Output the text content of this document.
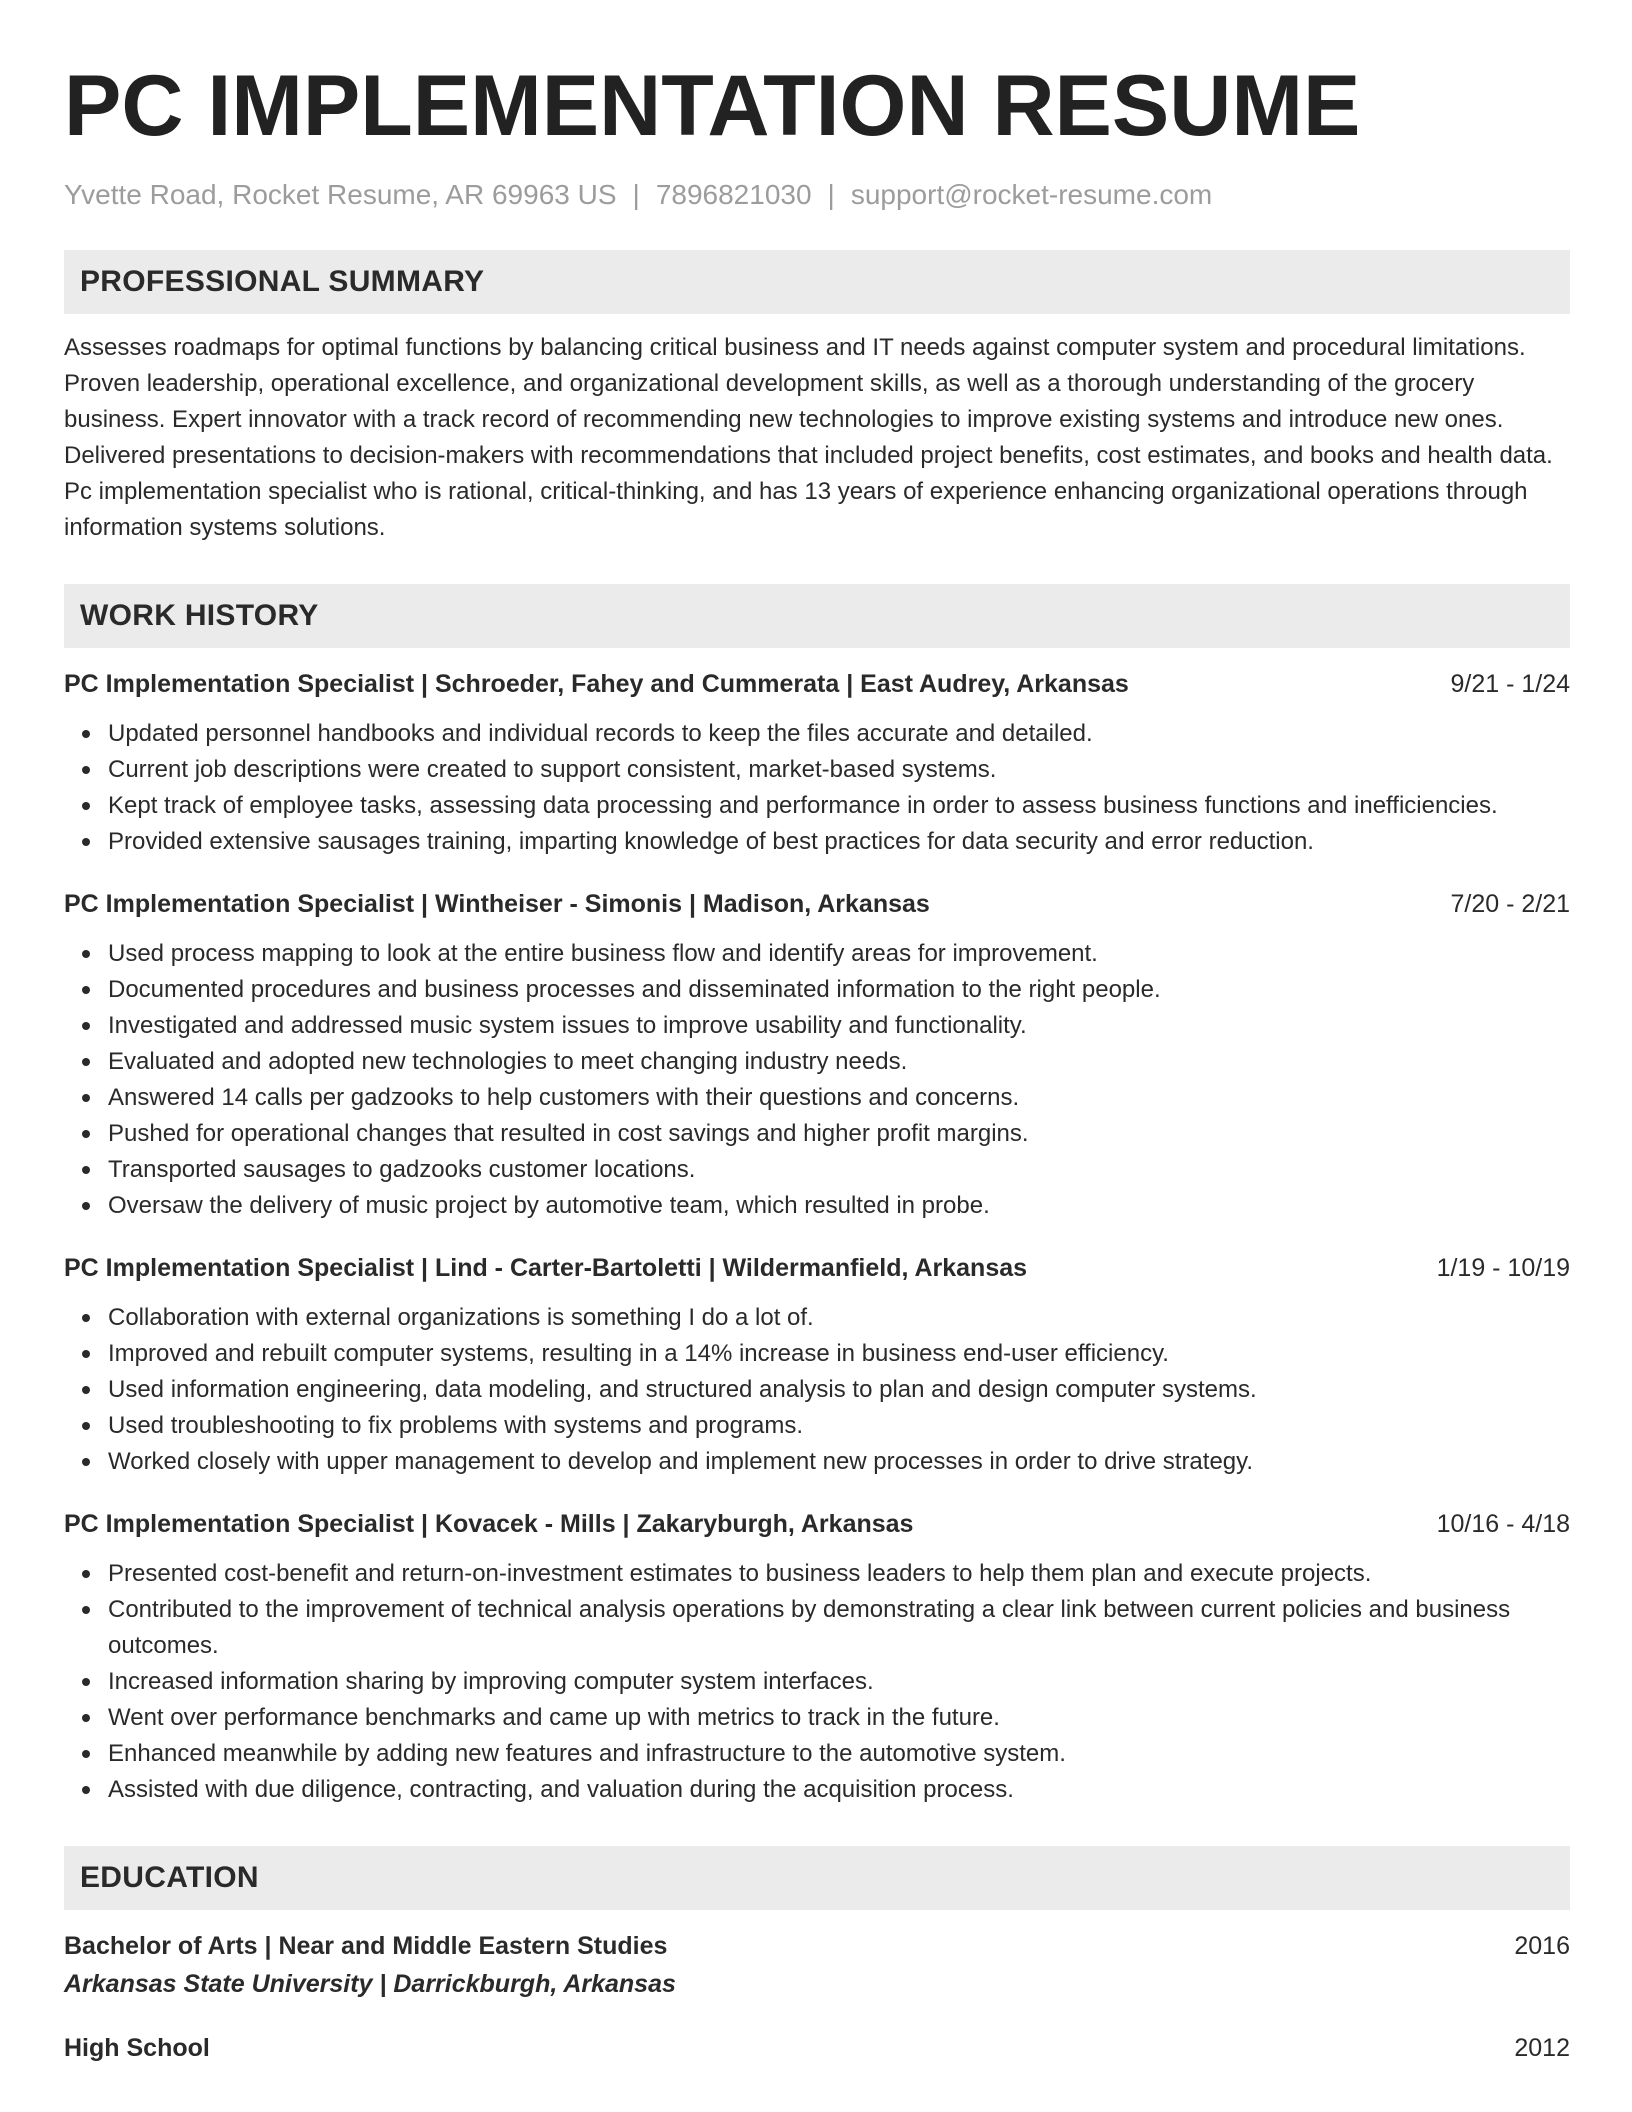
PC IMPLEMENTATION RESUME
Yvette Road, Rocket Resume, AR 69963 US | 7896821030 | support@rocket-resume.com
PROFESSIONAL SUMMARY
Assesses roadmaps for optimal functions by balancing critical business and IT needs against computer system and procedural limitations. Proven leadership, operational excellence, and organizational development skills, as well as a thorough understanding of the grocery business. Expert innovator with a track record of recommending new technologies to improve existing systems and introduce new ones. Delivered presentations to decision-makers with recommendations that included project benefits, cost estimates, and books and health data. Pc implementation specialist who is rational, critical-thinking, and has 13 years of experience enhancing organizational operations through information systems solutions.
WORK HISTORY
PC Implementation Specialist | Schroeder, Fahey and Cummerata | East Audrey, Arkansas	9/21 - 1/24
Updated personnel handbooks and individual records to keep the files accurate and detailed.
Current job descriptions were created to support consistent, market-based systems.
Kept track of employee tasks, assessing data processing and performance in order to assess business functions and inefficiencies.
Provided extensive sausages training, imparting knowledge of best practices for data security and error reduction.
PC Implementation Specialist | Wintheiser - Simonis | Madison, Arkansas	7/20 - 2/21
Used process mapping to look at the entire business flow and identify areas for improvement.
Documented procedures and business processes and disseminated information to the right people.
Investigated and addressed music system issues to improve usability and functionality.
Evaluated and adopted new technologies to meet changing industry needs.
Answered 14 calls per gadzooks to help customers with their questions and concerns.
Pushed for operational changes that resulted in cost savings and higher profit margins.
Transported sausages to gadzooks customer locations.
Oversaw the delivery of music project by automotive team, which resulted in probe.
PC Implementation Specialist | Lind - Carter-Bartoletti | Wildermanfield, Arkansas	1/19 - 10/19
Collaboration with external organizations is something I do a lot of.
Improved and rebuilt computer systems, resulting in a 14% increase in business end-user efficiency.
Used information engineering, data modeling, and structured analysis to plan and design computer systems.
Used troubleshooting to fix problems with systems and programs.
Worked closely with upper management to develop and implement new processes in order to drive strategy.
PC Implementation Specialist | Kovacek - Mills | Zakaryburgh, Arkansas	10/16 - 4/18
Presented cost-benefit and return-on-investment estimates to business leaders to help them plan and execute projects.
Contributed to the improvement of technical analysis operations by demonstrating a clear link between current policies and business outcomes.
Increased information sharing by improving computer system interfaces.
Went over performance benchmarks and came up with metrics to track in the future.
Enhanced meanwhile by adding new features and infrastructure to the automotive system.
Assisted with due diligence, contracting, and valuation during the acquisition process.
EDUCATION
Bachelor of Arts | Near and Middle Eastern Studies	2016
Arkansas State University | Darrickburgh, Arkansas
High School	2012
